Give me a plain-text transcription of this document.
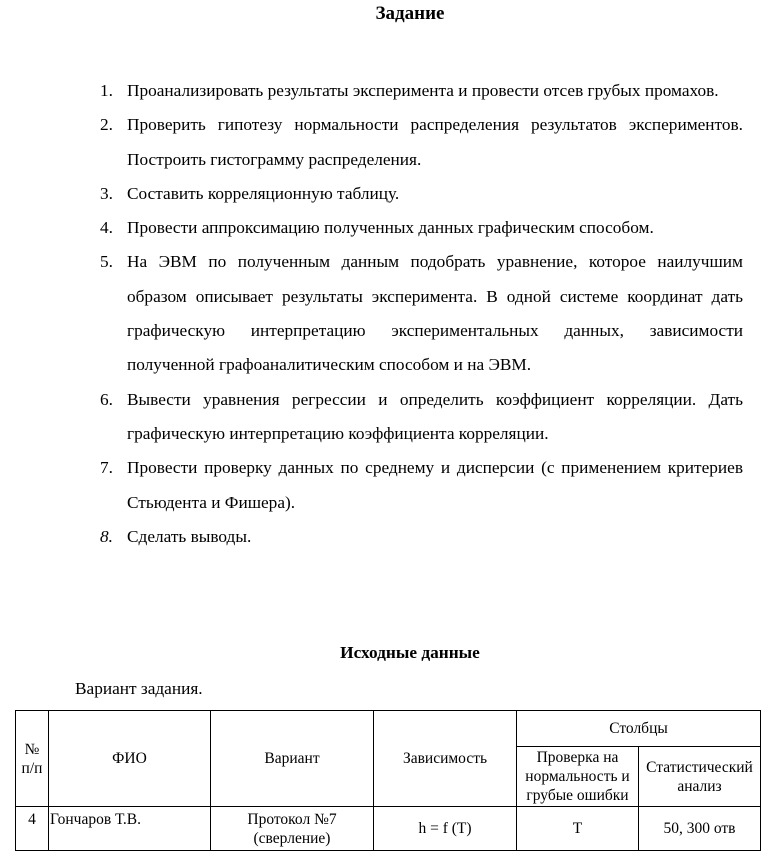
Задание
1. Проанализировать результаты эксперимента и провести отсев грубых промахов.
2. Проверить гипотезу нормальности распределения результатов экспериментов. Построить гистограмму распределения.
3. Составить корреляционную таблицу.
4. Провести аппроксимацию полученных данных графическим способом.
5. На ЭВМ по полученным данным подобрать уравнение, которое наилучшим образом описывает результаты эксперимента. В одной системе координат дать графическую интерпретацию экспериментальных данных, зависимости полученной графоаналитическим способом и на ЭВМ.
6. Вывести уравнения регрессии и определить коэффициент корреляции. Дать графическую интерпретацию коэффициента корреляции.
7. Провести проверку данных по среднему и дисперсии (с применением критериев Стьюдента и Фишера).
8. Сделать выводы.
Исходные данные
Вариант задания.
№ п/п	ФИО	Вариант	Зависимость	Столбцы	
				Проверка на нормальность и грубые ошибки	Статистический анализ
4	Гончаров Т.В.	Протокол №7 (сверление)	h = f (T)	T	50, 300 отв
